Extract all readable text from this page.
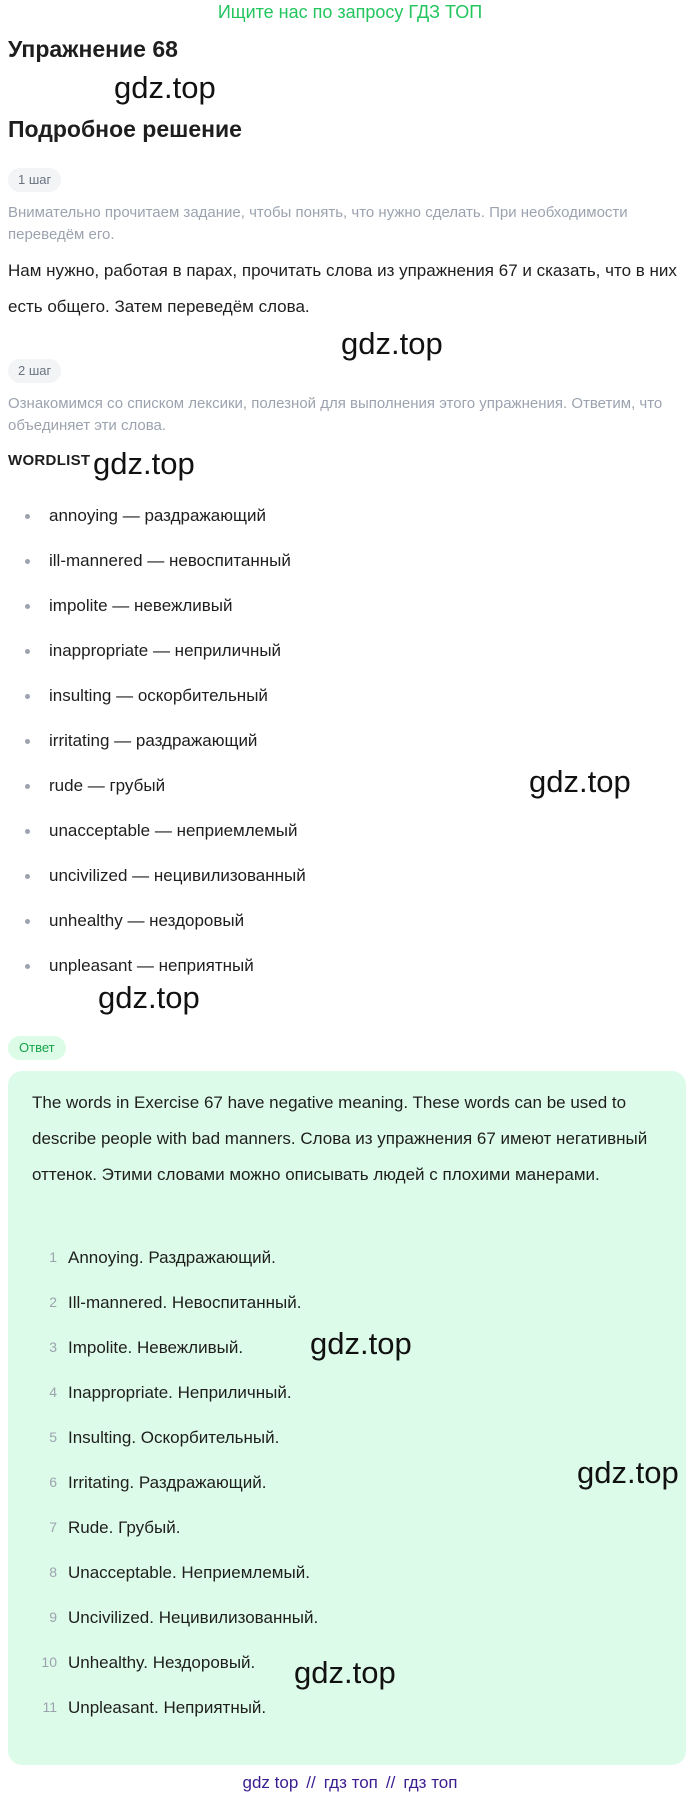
Ищите нас по запросу ГДЗ ТОП
Упражнение 68
gdz.top
Подробное решение
1 шаг
Внимательно прочитаем задание, чтобы понять, что нужно сделать. При необходимости переведём его.
Нам нужно, работая в парах, прочитать слова из упражнения 67 и сказать, что в них есть общего. Затем переведём слова.
gdz.top
2 шаг
Ознакомимся со списком лексики, полезной для выполнения этого упражнения. Ответим, что объединяет эти слова.
WORDLIST gdz.top
annoying — раздражающий
ill-mannered — невоспитанный
impolite — невежливый
inappropriate — неприличный
insulting — оскорбительный
irritating — раздражающий
rude — грубый
unacceptable — неприемлемый
uncivilized — нецивилизованный
unhealthy — нездоровый
unpleasant — неприятный
gdz.top
gdz.top
Ответ
The words in Exercise 67 have negative meaning. These words can be used to describe people with bad manners. Слова из упражнения 67 имеют негативный оттенок. Этими словами можно описывать людей с плохими манерами.
1 Annoying. Раздражающий.
2 Ill-mannered. Невоспитанный.
3 Impolite. Невежливый.
4 Inappropriate. Неприличный.
5 Insulting. Оскорбительный.
6 Irritating. Раздражающий.
7 Rude. Грубый.
8 Unacceptable. Неприемлемый.
9 Uncivilized. Нецивилизованный.
10 Unhealthy. Нездоровый.
11 Unpleasant. Неприятный.
gdz.top
gdz.top
gdz.top
gdz top // гдз топ // гдз топ
